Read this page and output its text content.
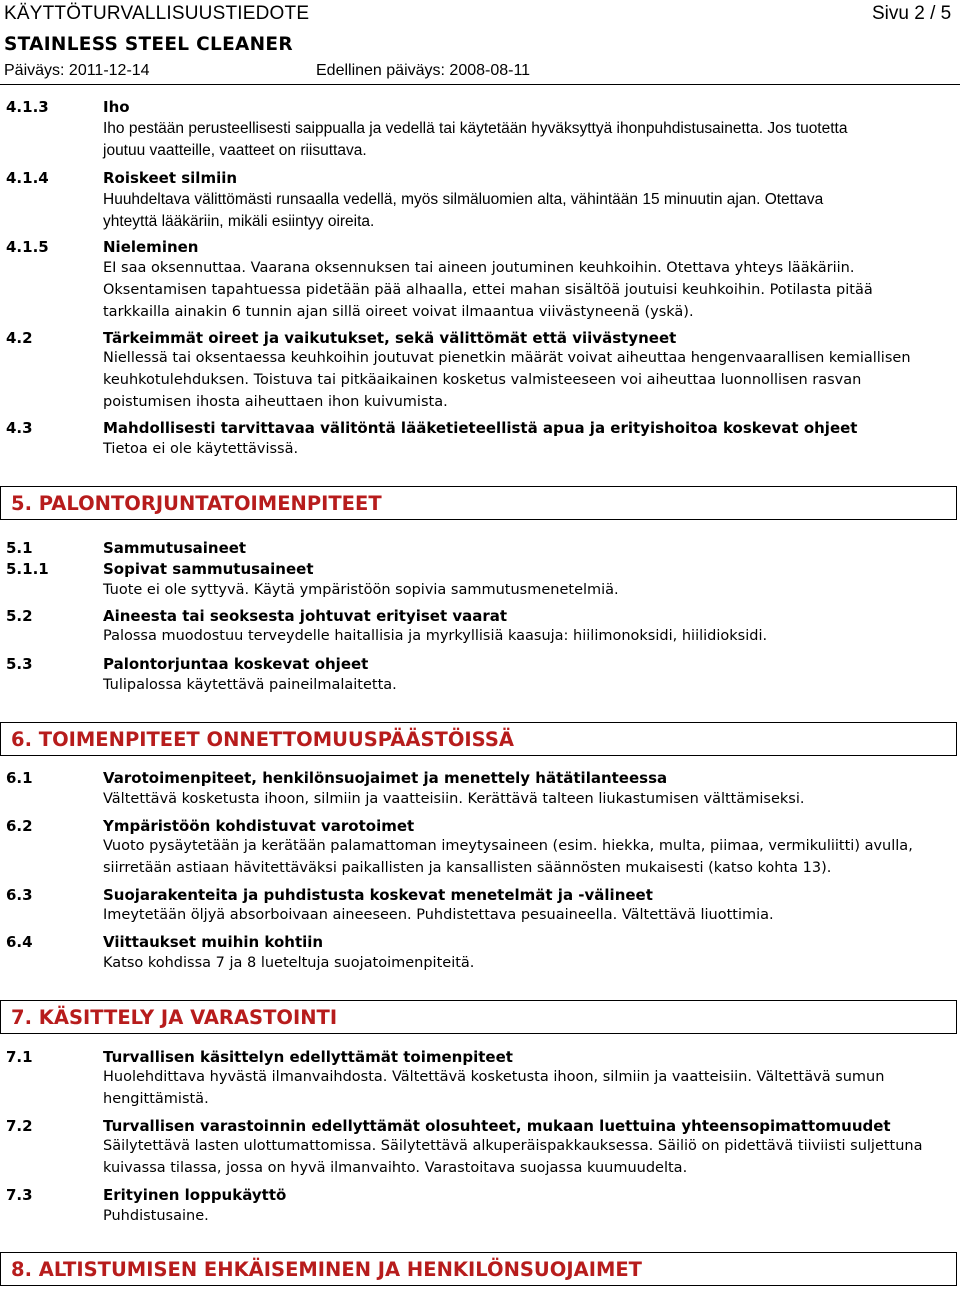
KÄYTTÖTURVALLISUUSTIEDOTE	Sivu 2 / 5
STAINLESS STEEL CLEANER
Päiväys: 2011-12-14	Edellinen päiväys: 2008-08-11
4.1.3	Iho
Iho pestään perusteellisesti saippualla ja vedellä tai käytetään hyväksyttyä ihonpuhdistusainetta. Jos tuotetta
joutuu vaatteille, vaatteet on riisuttava.
4.1.4	Roiskeet silmiin
Huuhdeltava välittömästi runsaalla vedellä, myös silmäluomien alta, vähintään 15 minuutin ajan. Otettava
yhteyttä lääkäriin, mikäli esiintyy oireita.
4.1.5	Nieleminen
EI saa oksennuttaa. Vaarana oksennuksen tai aineen joutuminen keuhkoihin. Otettava yhteys lääkäriin.
Oksentamisen tapahtuessa pidetään pää alhaalla, ettei mahan sisältöä joutuisi keuhkoihin. Potilasta pitää
tarkkailla ainakin 6 tunnin ajan sillä oireet voivat ilmaantua viivästyneenä (yskä).
4.2	Tärkeimmät oireet ja vaikutukset, sekä välittömät että viivästyneet
Niellessä tai oksentaessa keuhkoihin joutuvat pienetkin määrät voivat aiheuttaa hengenvaarallisen kemiallisen
keuhkotulehduksen. Toistuva tai pitkäaikainen kosketus valmisteeseen voi aiheuttaa luonnollisen rasvan
poistumisen ihosta aiheuttaen ihon kuivumista.
4.3	Mahdollisesti tarvittavaa välitöntä lääketieteellistä apua ja erityishoitoa koskevat ohjeet
Tietoa ei ole käytettävissä.
5. PALONTORJUNTATOIMENPITEET
5.1	Sammutusaineet
5.1.1	Sopivat sammutusaineet
Tuote ei ole syttyvä. Käytä ympäristöön sopivia sammutusmenetelmiä.
5.2	Aineesta tai seoksesta johtuvat erityiset vaarat
Palossa muodostuu terveydelle haitallisia ja myrkyllisiä kaasuja: hiilimonoksidi, hiilidioksidi.
5.3	Palontorjuntaa koskevat ohjeet
Tulipalossa käytettävä paineilmalaitetta.
6. TOIMENPITEET ONNETTOMUUSPÄÄSTÖISSÄ
6.1	Varotoimenpiteet, henkilönsuojaimet ja menettely hätätilanteessa
Vältettävä kosketusta ihoon, silmiin ja vaatteisiin. Kerättävä talteen liukastumisen välttämiseksi.
6.2	Ympäristöön kohdistuvat varotoimet
Vuoto pysäytetään ja kerätään palamattoman imeytysaineen (esim. hiekka, multa, piimaa, vermikuliitti) avulla,
siirretään astiaan hävitettäväksi paikallisten ja kansallisten säännösten mukaisesti (katso kohta 13).
6.3	Suojarakenteita ja puhdistusta koskevat menetelmät ja -välineet
Imeytetään öljyä absorboivaan aineeseen. Puhdistettava pesuaineella. Vältettävä liuottimia.
6.4	Viittaukset muihin kohtiin
Katso kohdissa 7 ja 8 lueteltuja suojatoimenpiteitä.
7. KÄSITTELY JA VARASTOINTI
7.1	Turvallisen käsittelyn edellyttämät toimenpiteet
Huolehdittava hyvästä ilmanvaihdosta. Vältettävä kosketusta ihoon, silmiin ja vaatteisiin. Vältettävä sumun
hengittämistä.
7.2	Turvallisen varastoinnin edellyttämät olosuhteet, mukaan luettuina yhteensopimattomuudet
Säilytettävä lasten ulottumattomissa. Säilytettävä alkuperäispakkauksessa. Säiliö on pidettävä tiiviisti suljettuna
kuivassa tilassa, jossa on hyvä ilmanvaihto. Varastoitava suojassa kuumuudelta.
7.3	Erityinen loppukäyttö
Puhdistusaine.
8. ALTISTUMISEN EHKÄISEMINEN JA HENKILÖNSUOJAIMET
